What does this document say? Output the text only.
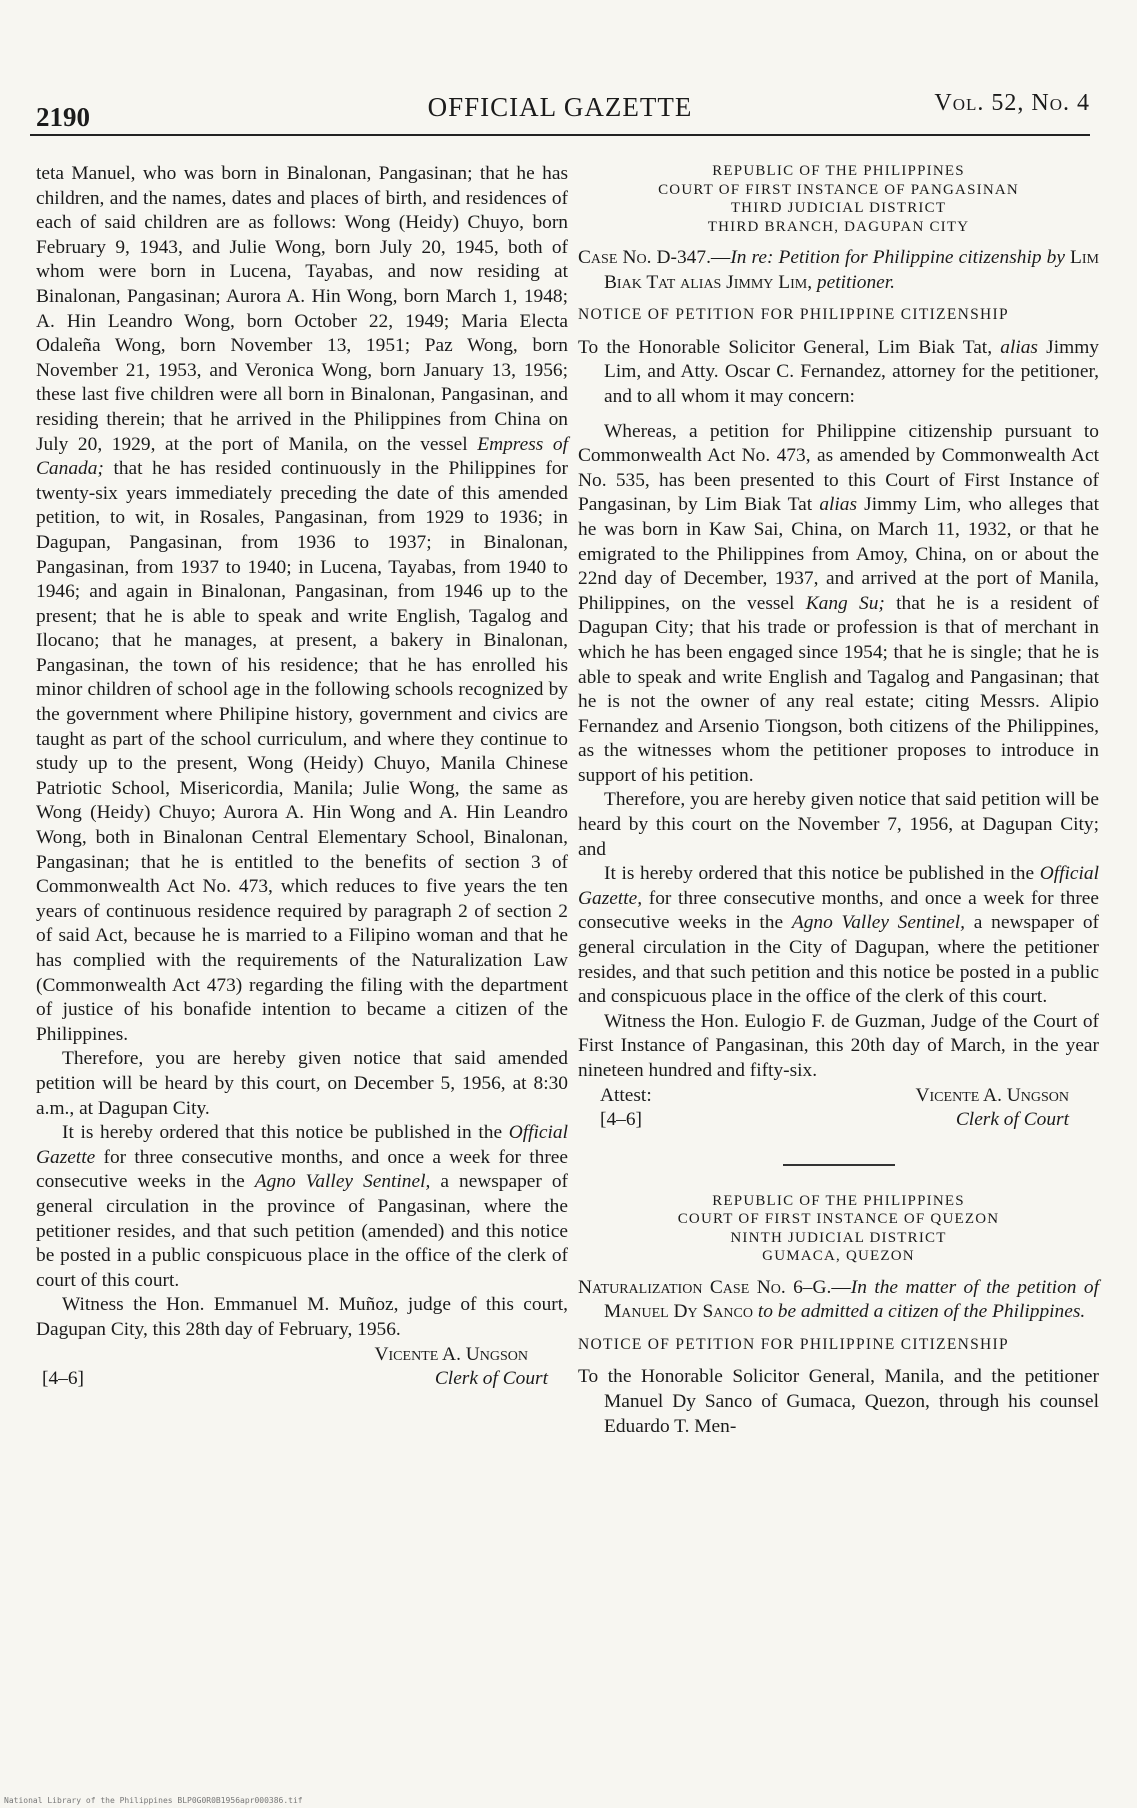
2190	OFFICIAL GAZETTE	Vol. 52, No. 4

teta Manuel, who was born in Binalonan, Pangasinan; that he has children, and the names, dates and places of birth, and residences of each of said children are as follows: Wong (Heidy) Chuyo, born February 9, 1943, and Julie Wong, born July 20, 1945, both of whom were born in Lucena, Tayabas, and now residing at Binalonan, Pangasinan; Aurora A. Hin Wong, born March 1, 1948; A. Hin Leandro Wong, born October 22, 1949; Maria Electa Odaleña Wong, born November 13, 1951; Paz Wong, born November 21, 1953, and Veronica Wong, born January 13, 1956; these last five children were all born in Binalonan, Pangasinan, and residing therein; that he arrived in the Philippines from China on July 20, 1929, at the port of Manila, on the vessel Empress of Canada; that he has resided continuously in the Philippines for twenty-six years immediately preceding the date of this amended petition, to wit, in Rosales, Pangasinan, from 1929 to 1936; in Dagupan, Pangasinan, from 1936 to 1937; in Binalonan, Pangasinan, from 1937 to 1940; in Lucena, Tayabas, from 1940 to 1946; and again in Binalonan, Pangasinan, from 1946 up to the present; that he is able to speak and write English, Tagalog and Ilocano; that he manages, at present, a bakery in Binalonan, Pangasinan, the town of his residence; that he has enrolled his minor children of school age in the following schools recognized by the government where Philipine history, government and civics are taught as part of the school curriculum, and where they continue to study up to the present, Wong (Heidy) Chuyo, Manila Chinese Patriotic School, Misericordia, Manila; Julie Wong, the same as Wong (Heidy) Chuyo; Aurora A. Hin Wong and A. Hin Leandro Wong, both in Binalonan Central Elementary School, Binalonan, Pangasinan; that he is entitled to the benefits of section 3 of Commonwealth Act No. 473, which reduces to five years the ten years of continuous residence required by paragraph 2 of section 2 of said Act, because he is married to a Filipino woman and that he has complied with the requirements of the Naturalization Law (Commonwealth Act 473) regarding the filing with the department of justice of his bonafide intention to became a citizen of the Philippines.

Therefore, you are hereby given notice that said amended petition will be heard by this court, on December 5, 1956, at 8:30 a.m., at Dagupan City.

It is hereby ordered that this notice be published in the Official Gazette for three consecutive months, and once a week for three consecutive weeks in the Agno Valley Sentinel, a newspaper of general circulation in the province of Pangasinan, where the petitioner resides, and that such petition (amended) and this notice be posted in a public conspicuous place in the office of the clerk of court of this court.

Witness the Hon. Emmanuel M. Muñoz, judge of this court, Dagupan City, this 28th day of February, 1956.

Vicente A. Ungson
Clerk of Court
[4–6]
REPUBLIC OF THE PHILIPPINES
COURT OF FIRST INSTANCE OF PANGASINAN
THIRD JUDICIAL DISTRICT
THIRD BRANCH, DAGUPAN CITY

Case No. D-347.—In re: Petition for Philippine citizenship by Lim Biak Tat alias Jimmy Lim, petitioner.

NOTICE OF PETITION FOR PHILIPPINE CITIZENSHIP

To the Honorable Solicitor General, Lim Biak Tat, alias Jimmy Lim, and Atty. Oscar C. Fernandez, attorney for the petitioner, and to all whom it may concern:

Whereas, a petition for Philippine citizenship pursuant to Commonwealth Act No. 473, as amended by Commonwealth Act No. 535, has been presented to this Court of First Instance of Pangasinan, by Lim Biak Tat alias Jimmy Lim, who alleges that he was born in Kaw Sai, China, on March 11, 1932, or that he emigrated to the Philippines from Amoy, China, on or about the 22nd day of December, 1937, and arrived at the port of Manila, Philippines, on the vessel Kang Su; that he is a resident of Dagupan City; that his trade or profession is that of merchant in which he has been engaged since 1954; that he is single; that he is able to speak and write English and Tagalog and Pangasinan; that he is not the owner of any real estate; citing Messrs. Alipio Fernandez and Arsenio Tiongson, both citizens of the Philippines, as the witnesses whom the petitioner proposes to introduce in support of his petition.

Therefore, you are hereby given notice that said petition will be heard by this court on the November 7, 1956, at Dagupan City; and

It is hereby ordered that this notice be published in the Official Gazette, for three consecutive months, and once a week for three consecutive weeks in the Agno Valley Sentinel, a newspaper of general circulation in the City of Dagupan, where the petitioner resides, and that such petition and this notice be posted in a public and conspicuous place in the office of the clerk of this court.

Witness the Hon. Eulogio F. de Guzman, Judge of the Court of First Instance of Pangasinan, this 20th day of March, in the year nineteen hundred and fifty-six.

Attest:
[4–6]
Vicente A. Ungson
Clerk of Court
REPUBLIC OF THE PHILIPPINES
COURT OF FIRST INSTANCE OF QUEZON
NINTH JUDICIAL DISTRICT
GUMACA, QUEZON

Naturalization Case No. 6–G.—In the matter of the petition of Manuel Dy Sanco to be admitted a citizen of the Philippines.

NOTICE OF PETITION FOR PHILIPPINE CITIZENSHIP

To the Honorable Solicitor General, Manila, and the petitioner Manuel Dy Sanco of Gumaca, Quezon, through his counsel Eduardo T. Men-

National Library of the Philippines BLP0G0R0B1956apr000386.tif
